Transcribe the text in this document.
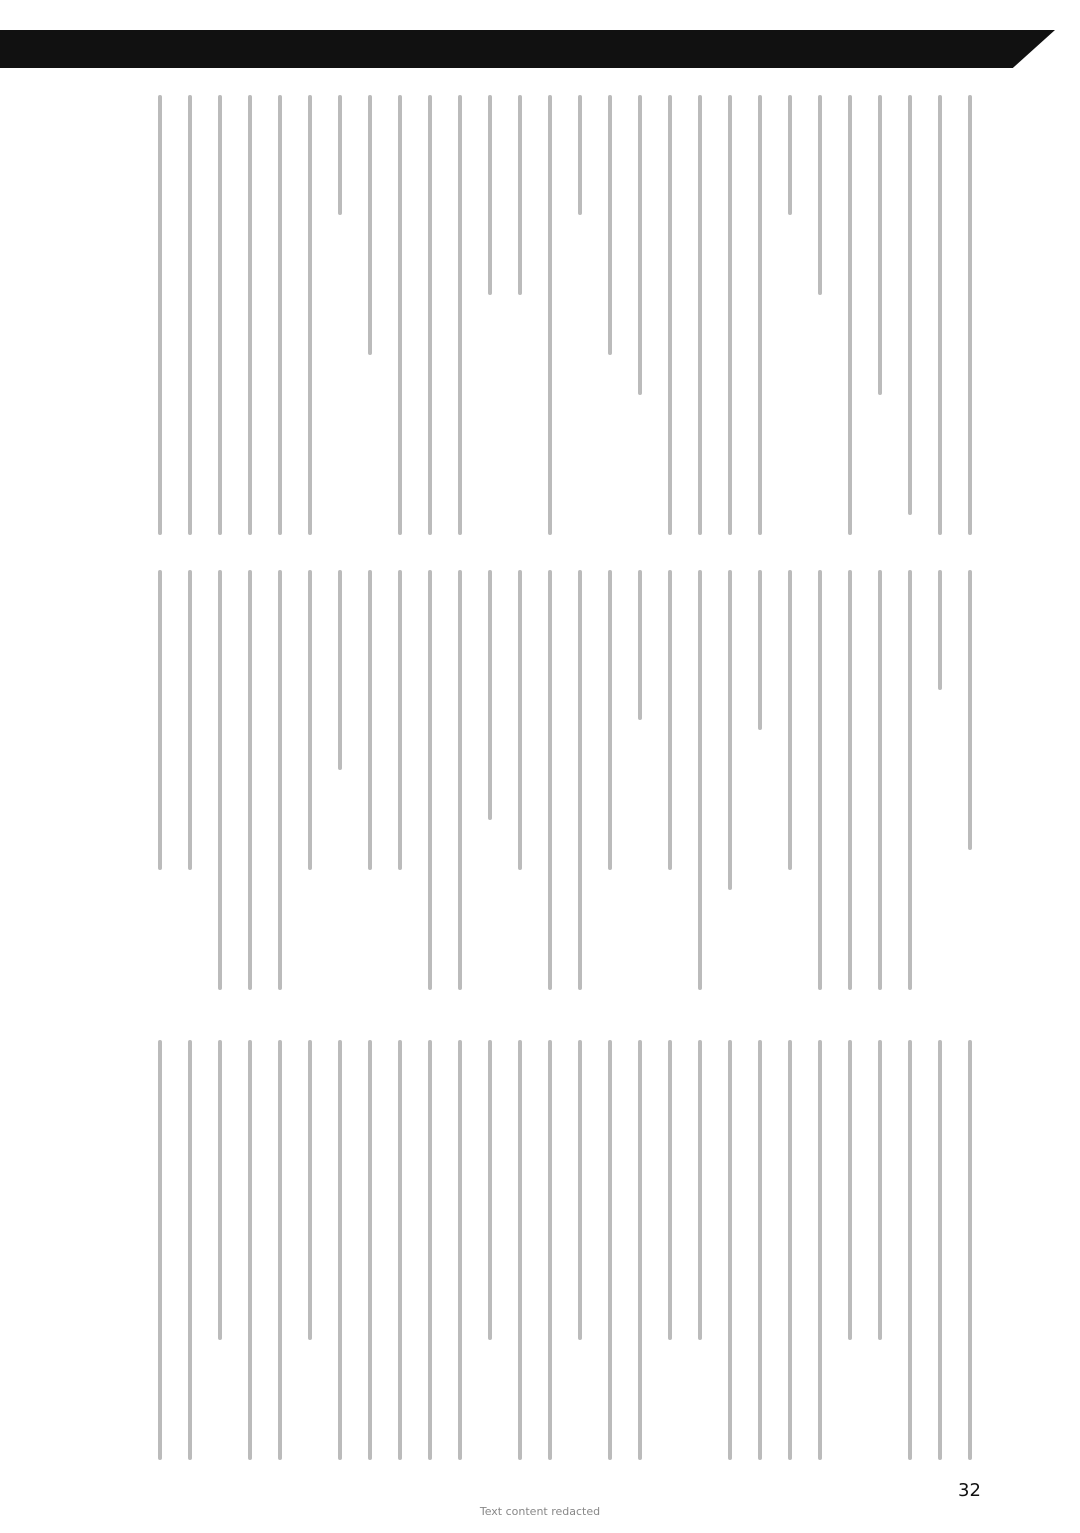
32
Text content redacted
